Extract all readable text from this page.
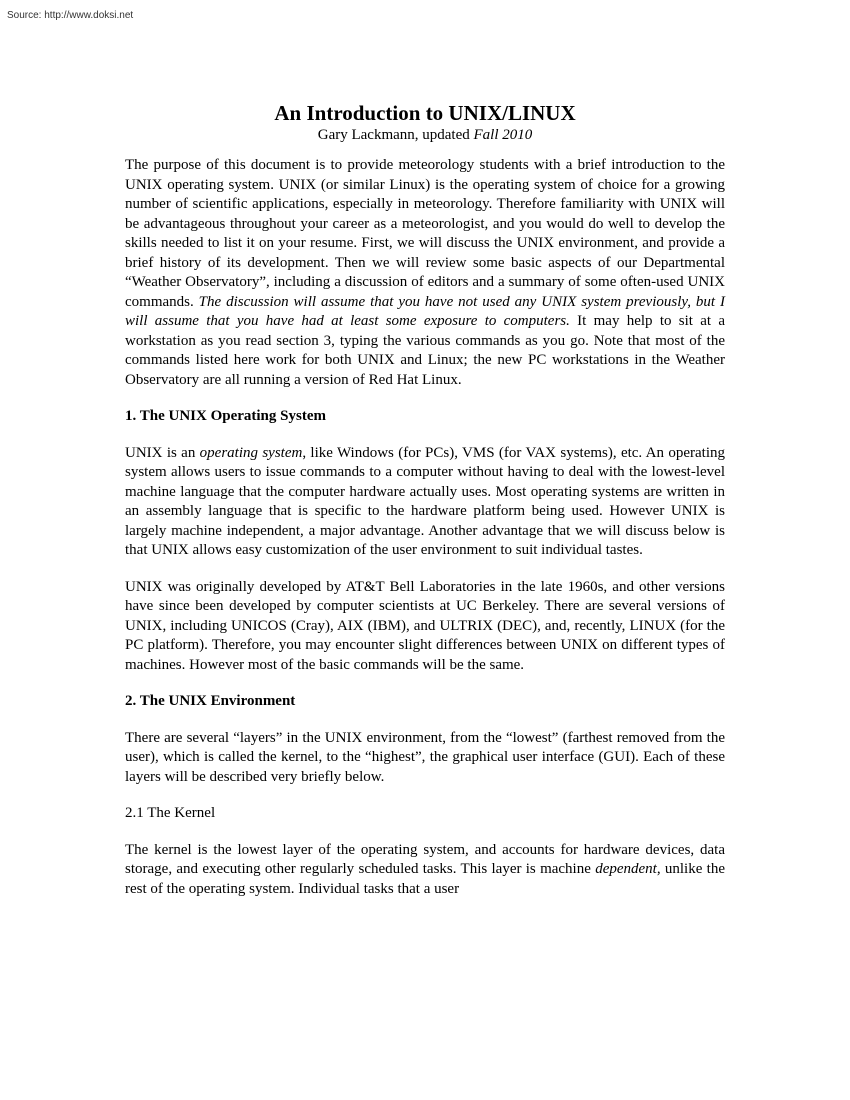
Source: http://www.doksi.net
An Introduction to UNIX/LINUX
Gary Lackmann, updated Fall 2010

The purpose of this document is to provide meteorology students with a brief introduction to the UNIX operating system. UNIX (or similar Linux) is the operating system of choice for a growing number of scientific applications, especially in meteorology. Therefore familiarity with UNIX will be advantageous throughout your career as a meteorologist, and you would do well to develop the skills needed to list it on your resume. First, we will discuss the UNIX environment, and provide a brief history of its development. Then we will review some basic aspects of our Departmental “Weather Observatory”, including a discussion of editors and a summary of some often-used UNIX commands. The discussion will assume that you have not used any UNIX system previously, but I will assume that you have had at least some exposure to computers. It may help to sit at a workstation as you read section 3, typing the various commands as you go. Note that most of the commands listed here work for both UNIX and Linux; the new PC workstations in the Weather Observatory are all running a version of Red Hat Linux.

1. The UNIX Operating System

UNIX is an operating system, like Windows (for PCs), VMS (for VAX systems), etc. An operating system allows users to issue commands to a computer without having to deal with the lowest-level machine language that the computer hardware actually uses. Most operating systems are written in an assembly language that is specific to the hardware platform being used. However UNIX is largely machine independent, a major advantage. Another advantage that we will discuss below is that UNIX allows easy customization of the user environment to suit individual tastes.

UNIX was originally developed by AT&T Bell Laboratories in the late 1960s, and other versions have since been developed by computer scientists at UC Berkeley. There are several versions of UNIX, including UNICOS (Cray), AIX (IBM), and ULTRIX (DEC), and, recently, LINUX (for the PC platform). Therefore, you may encounter slight differences between UNIX on different types of machines. However most of the basic commands will be the same.

2. The UNIX Environment

There are several “layers” in the UNIX environment, from the “lowest” (farthest removed from the user), which is called the kernel, to the “highest”, the graphical user interface (GUI). Each of these layers will be described very briefly below.

2.1 The Kernel

The kernel is the lowest layer of the operating system, and accounts for hardware devices, data storage, and executing other regularly scheduled tasks. This layer is machine dependent, unlike the rest of the operating system. Individual tasks that a user
